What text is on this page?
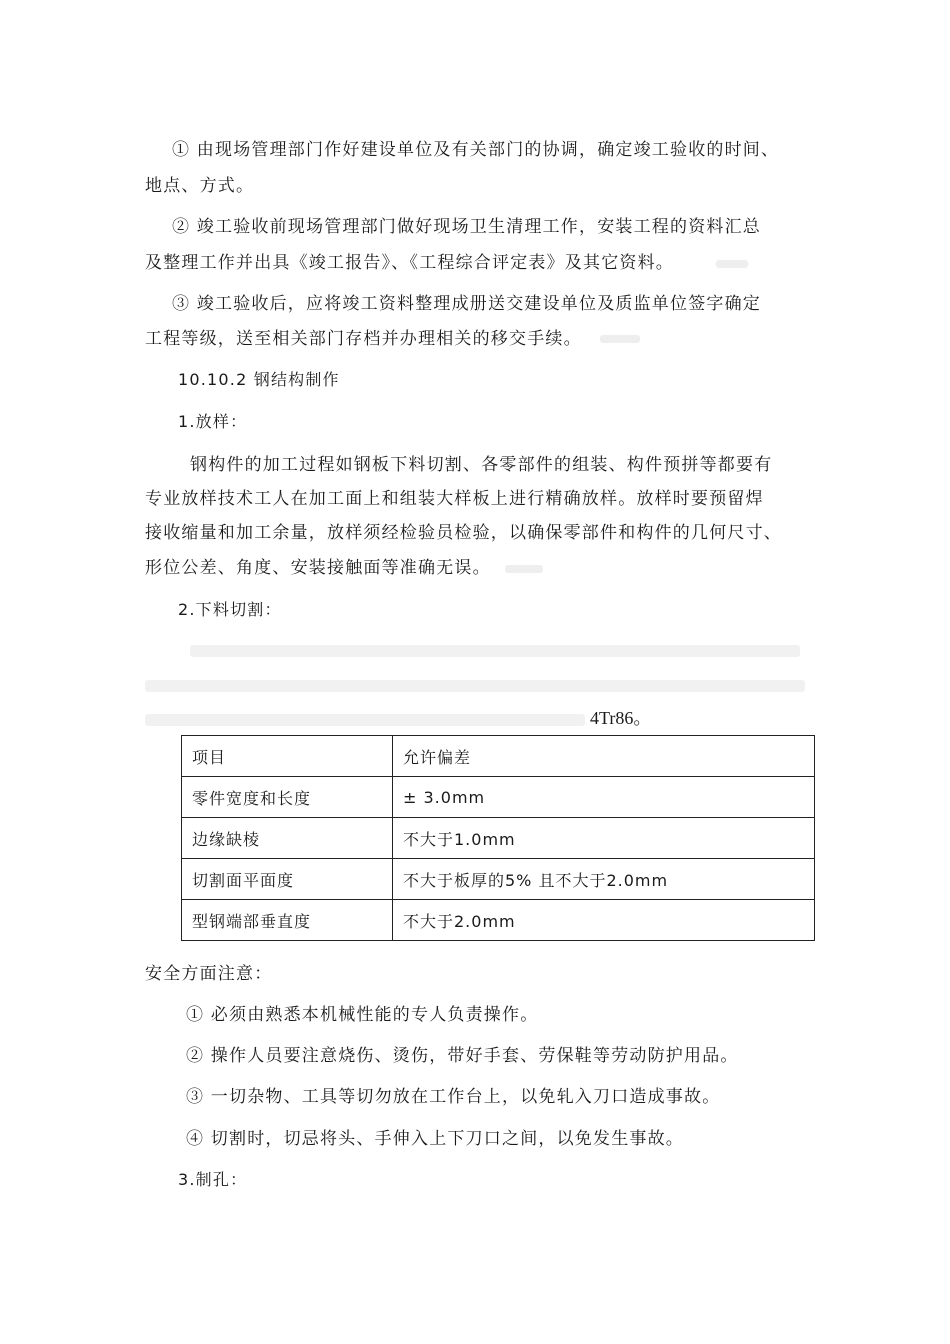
① 由现场管理部门作好建设单位及有关部门的协调，确定竣工验收的时间、
地点、方式。
② 竣工验收前现场管理部门做好现场卫生清理工作，安装工程的资料汇总
及整理工作并出具《竣工报告》、《工程综合评定表》及其它资料。
③ 竣工验收后，应将竣工资料整理成册送交建设单位及质监单位签字确定
工程等级，送至相关部门存档并办理相关的移交手续。
10.10.2 钢结构制作
1.放样：
钢构件的加工过程如钢板下料切割、各零部件的组装、构件预拼等都要有
专业放样技术工人在加工面上和组装大样板上进行精确放样。放样时要预留焊
接收缩量和加工余量，放样须经检验员检验，以确保零部件和构件的几何尺寸、
形位公差、角度、安装接触面等准确无误。
2.下料切割：
4Tr86。
项目	允许偏差
零件宽度和长度	± 3.0mm
边缘缺棱	不大于1.0mm
切割面平面度	不大于板厚的5% 且不大于2.0mm
型钢端部垂直度	不大于2.0mm
安全方面注意：
① 必须由熟悉本机械性能的专人负责操作。
② 操作人员要注意烧伤、烫伤，带好手套、劳保鞋等劳动防护用品。
③ 一切杂物、工具等切勿放在工作台上，以免轧入刀口造成事故。
④ 切割时，切忌将头、手伸入上下刀口之间，以免发生事故。
3.制孔：
